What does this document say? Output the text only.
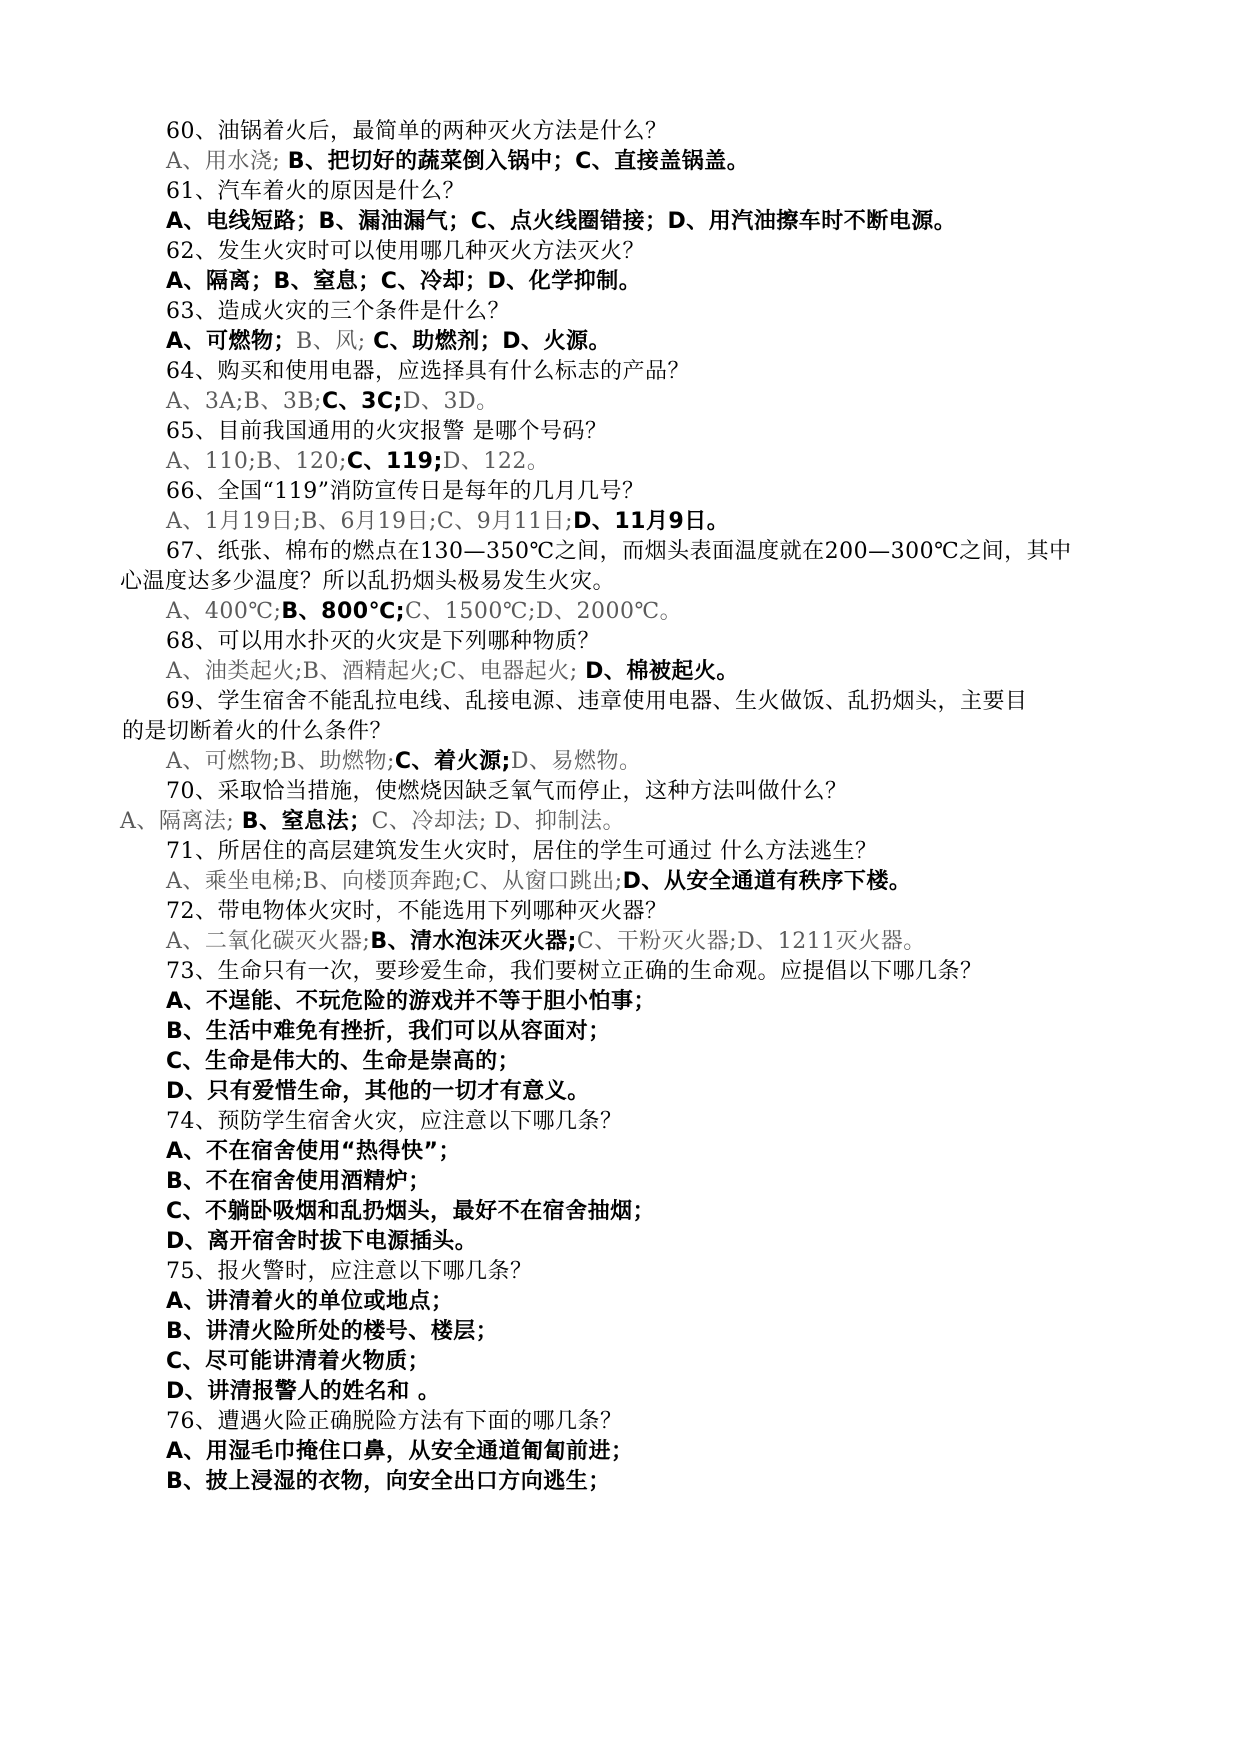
60、油锅着火后，最简单的两种灭火方法是什么？
A、用水浇; B、把切好的蔬菜倒入锅中；C、直接盖锅盖。
61、汽车着火的原因是什么？
A、电线短路；B、漏油漏气；C、点火线圈错接；D、用汽油擦车时不断电源。
62、发生火灾时可以使用哪几种灭火方法灭火？
A、隔离；B、窒息；C、冷却；D、化学抑制。
63、造成火灾的三个条件是什么？
A、可燃物；B、风; C、助燃剂；D、火源。
64、购买和使用电器，应选择具有什么标志的产品？
A、3A;B、3B;C、3C;D、3D。
65、目前我国通用的火灾报警 是哪个号码？
A、110;B、120;C、119;D、122。
66、全国“119”消防宣传日是每年的几月几号？
A、1月19日;B、6月19日;C、9月11日;D、11月9日。
67、纸张、棉布的燃点在130—350℃之间，而烟头表面温度就在200—300℃之间，其中
心温度达多少温度？所以乱扔烟头极易发生火灾。
A、400℃;B、800℃;C、1500℃;D、2000℃。
68、可以用水扑灭的火灾是下列哪种物质？
A、油类起火;B、酒精起火;C、电器起火; D、棉被起火。
69、学生宿舍不能乱拉电线、乱接电源、违章使用电器、生火做饭、乱扔烟头，主要目
的是切断着火的什么条件？
A、可燃物;B、助燃物;C、着火源;D、易燃物。
70、采取恰当措施，使燃烧因缺乏氧气而停止，这种方法叫做什么？
A、隔离法; B、窒息法；C、冷却法; D、抑制法。
71、所居住的高层建筑发生火灾时，居住的学生可通过 什么方法逃生？
A、乘坐电梯;B、向楼顶奔跑;C、从窗口跳出;D、从安全通道有秩序下楼。
72、带电物体火灾时，不能选用下列哪种灭火器？
A、二氧化碳灭火器;B、清水泡沫灭火器;C、干粉灭火器;D、1211灭火器。
73、生命只有一次，要珍爱生命，我们要树立正确的生命观。应提倡以下哪几条？
A、不逞能、不玩危险的游戏并不等于胆小怕事；
B、生活中难免有挫折，我们可以从容面对；
C、生命是伟大的、生命是崇高的；
D、只有爱惜生命，其他的一切才有意义。
74、预防学生宿舍火灾，应注意以下哪几条？
A、不在宿舍使用“热得快”；
B、不在宿舍使用酒精炉；
C、不躺卧吸烟和乱扔烟头，最好不在宿舍抽烟；
D、离开宿舍时拔下电源插头。
75、报火警时，应注意以下哪几条？
A、讲清着火的单位或地点；
B、讲清火险所处的楼号、楼层；
C、尽可能讲清着火物质；
D、讲清报警人的姓名和 。
76、遭遇火险正确脱险方法有下面的哪几条？
A、用湿毛巾掩住口鼻，从安全通道匍匐前进；
B、披上浸湿的衣物，向安全出口方向逃生；
